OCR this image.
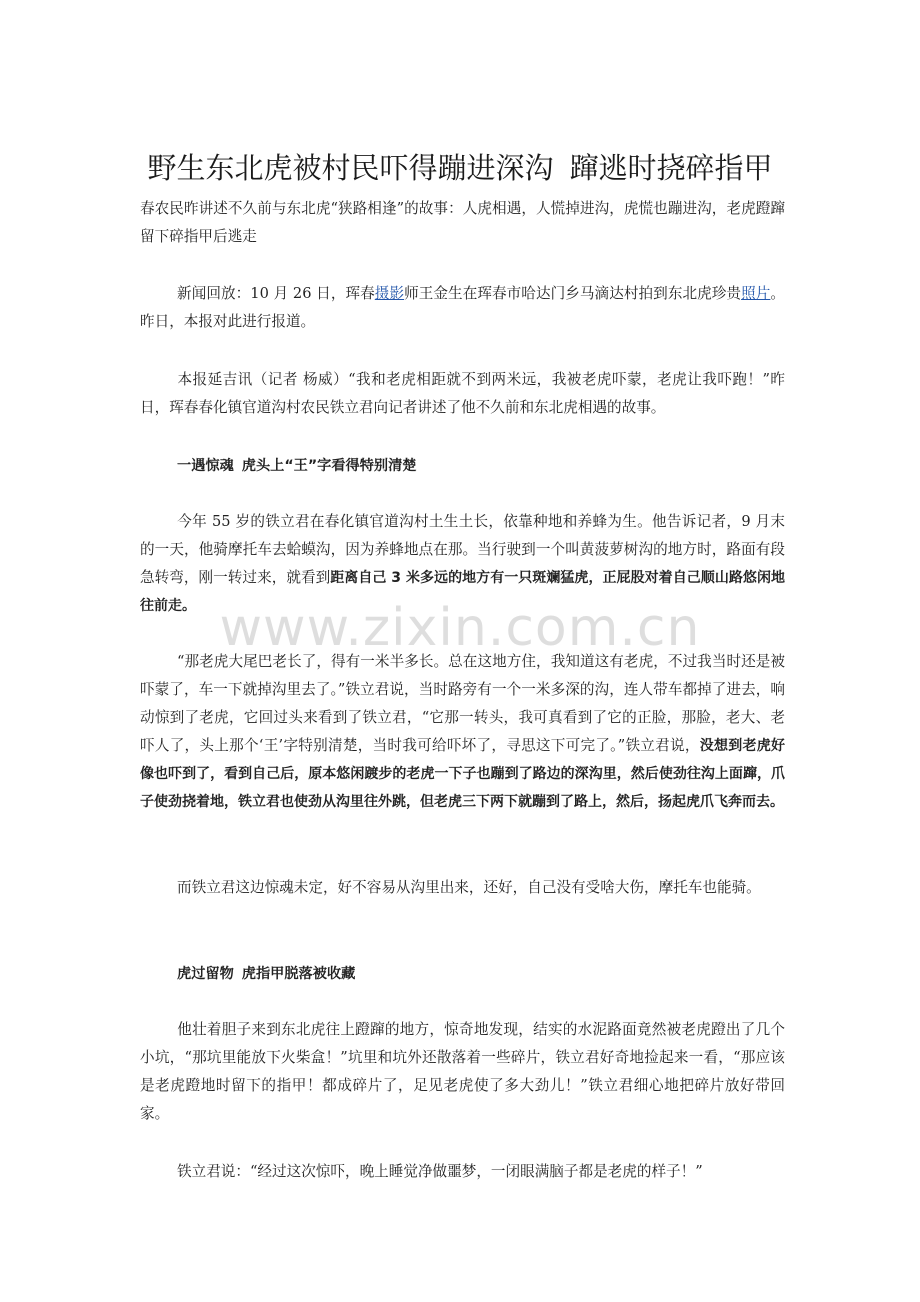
野生东北虎被村民吓得蹦进深沟 蹿逃时挠碎指甲

春农民昨讲述不久前与东北虎“狭路相逢”的故事：人虎相遇，人慌掉进沟，虎慌也蹦进沟，老虎蹬蹿留下碎指甲后逃走

新闻回放：10 月 26 日，珲春摄影师王金生在珲春市哈达门乡马滴达村拍到东北虎珍贵照片。昨日，本报对此进行报道。

本报延吉讯（记者 杨威）“我和老虎相距就不到两米远，我被老虎吓蒙，老虎让我吓跑！”昨日，珲春春化镇官道沟村农民铁立君向记者讲述了他不久前和东北虎相遇的故事。

一遇惊魂 虎头上“王”字看得特别清楚

今年 55 岁的铁立君在春化镇官道沟村土生土长，依靠种地和养蜂为生。他告诉记者，9 月末的一天，他骑摩托车去蛤蟆沟，因为养蜂地点在那。当行驶到一个叫黄菠萝树沟的地方时，路面有段急转弯，刚一转过来，就看到距离自己 3 米多远的地方有一只斑斓猛虎，正屁股对着自己顺山路悠闲地往前走。

“那老虎大尾巴老长了，得有一米半多长。总在这地方住，我知道这有老虎，不过我当时还是被吓蒙了，车一下就掉沟里去了。”铁立君说，当时路旁有一个一米多深的沟，连人带车都掉了进去，响动惊到了老虎，它回过头来看到了铁立君，“它那一转头，我可真看到了它的正脸，那脸，老大、老吓人了，头上那个‘王’字特别清楚，当时我可给吓坏了，寻思这下可完了。”铁立君说，没想到老虎好像也吓到了，看到自己后，原本悠闲踱步的老虎一下子也蹦到了路边的深沟里，然后使劲往沟上面蹿，爪子使劲挠着地，铁立君也使劲从沟里往外跳，但老虎三下两下就蹦到了路上，然后，扬起虎爪飞奔而去。

而铁立君这边惊魂未定，好不容易从沟里出来，还好，自己没有受啥大伤，摩托车也能骑。

虎过留物 虎指甲脱落被收藏

他壮着胆子来到东北虎往上蹬蹿的地方，惊奇地发现，结实的水泥路面竟然被老虎蹬出了几个小坑，“那坑里能放下火柴盒！”坑里和坑外还散落着一些碎片，铁立君好奇地捡起来一看，“那应该是老虎蹬地时留下的指甲！都成碎片了，足见老虎使了多大劲儿！”铁立君细心地把碎片放好带回家。

铁立君说：“经过这次惊吓，晚上睡觉净做噩梦，一闭眼满脑子都是老虎的样子！”

www.zixin.com.cn
